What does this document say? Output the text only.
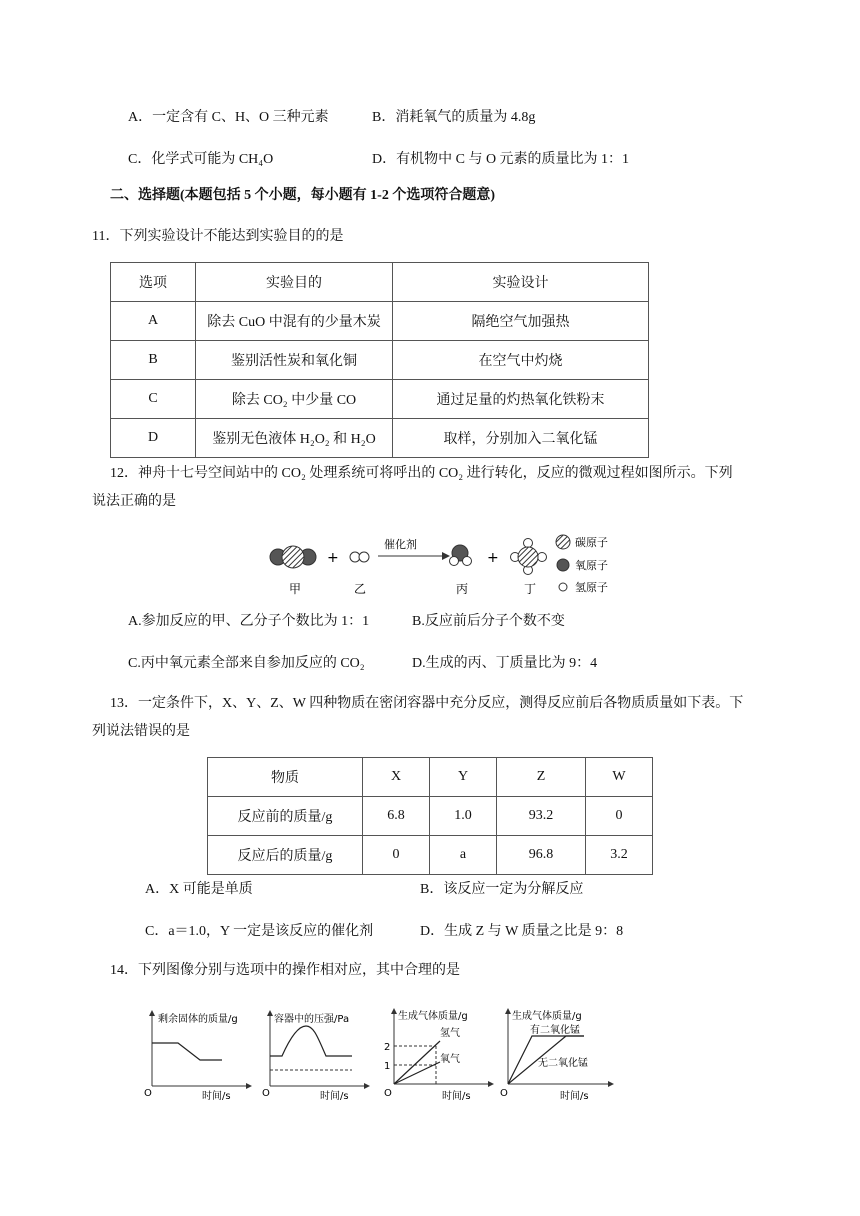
A．一定含有 C、H、O 三种元素	B．消耗氧气的质量为 4.8g
C．化学式可能为 CH₄O	D．有机物中 C 与 O 元素的质量比为 1：1
二、选择题(本题包括 5 个小题，每小题有 1-2 个选项符合题意)
11．下列实验设计不能达到实验目的的是
选项	实验目的	实验设计
A	除去 CuO 中混有的少量木炭	隔绝空气加强热
B	鉴别活性炭和氧化铜	在空气中灼烧
C	除去 CO₂ 中少量 CO	通过足量的灼热氧化铁粉末
D	鉴别无色液体 H₂O₂ 和 H₂O	取样，分别加入二氧化锰
12．神舟十七号空间站中的 CO₂ 处理系统可将呼出的 CO₂ 进行转化，反应的微观过程如图所示。下列
说法正确的是
+
催化剂
+
甲	乙	丙	丁
碳原子
氧原子
氢原子
A.参加反应的甲、乙分子个数比为 1：1	B.反应前后分子个数不变
C.丙中氧元素全部来自参加反应的 CO₂	D.生成的丙、丁质量比为 9：4
13．一定条件下，X、Y、Z、W 四种物质在密闭容器中充分反应，测得反应前后各物质质量如下表。下
列说法错误的是
物质	X	Y	Z	W
反应前的质量/g	6.8	1.0	93.2	0
反应后的质量/g	0	a	96.8	3.2
A．X 可能是单质	B．该反应一定为分解反应
C．a＝1.0，Y 一定是该反应的催化剂	D．生成 Z 与 W 质量之比是 9：8
14．下列图像分别与选项中的操作相对应，其中合理的是
剩余固体的质量/g
O	时间/s
容器中的压强/Pa
O	时间/s
生成气体质量/g
2
1
氢气
氧气
O	时间/s
生成气体质量/g
有二氧化锰
无二氧化锰
O	时间/s
